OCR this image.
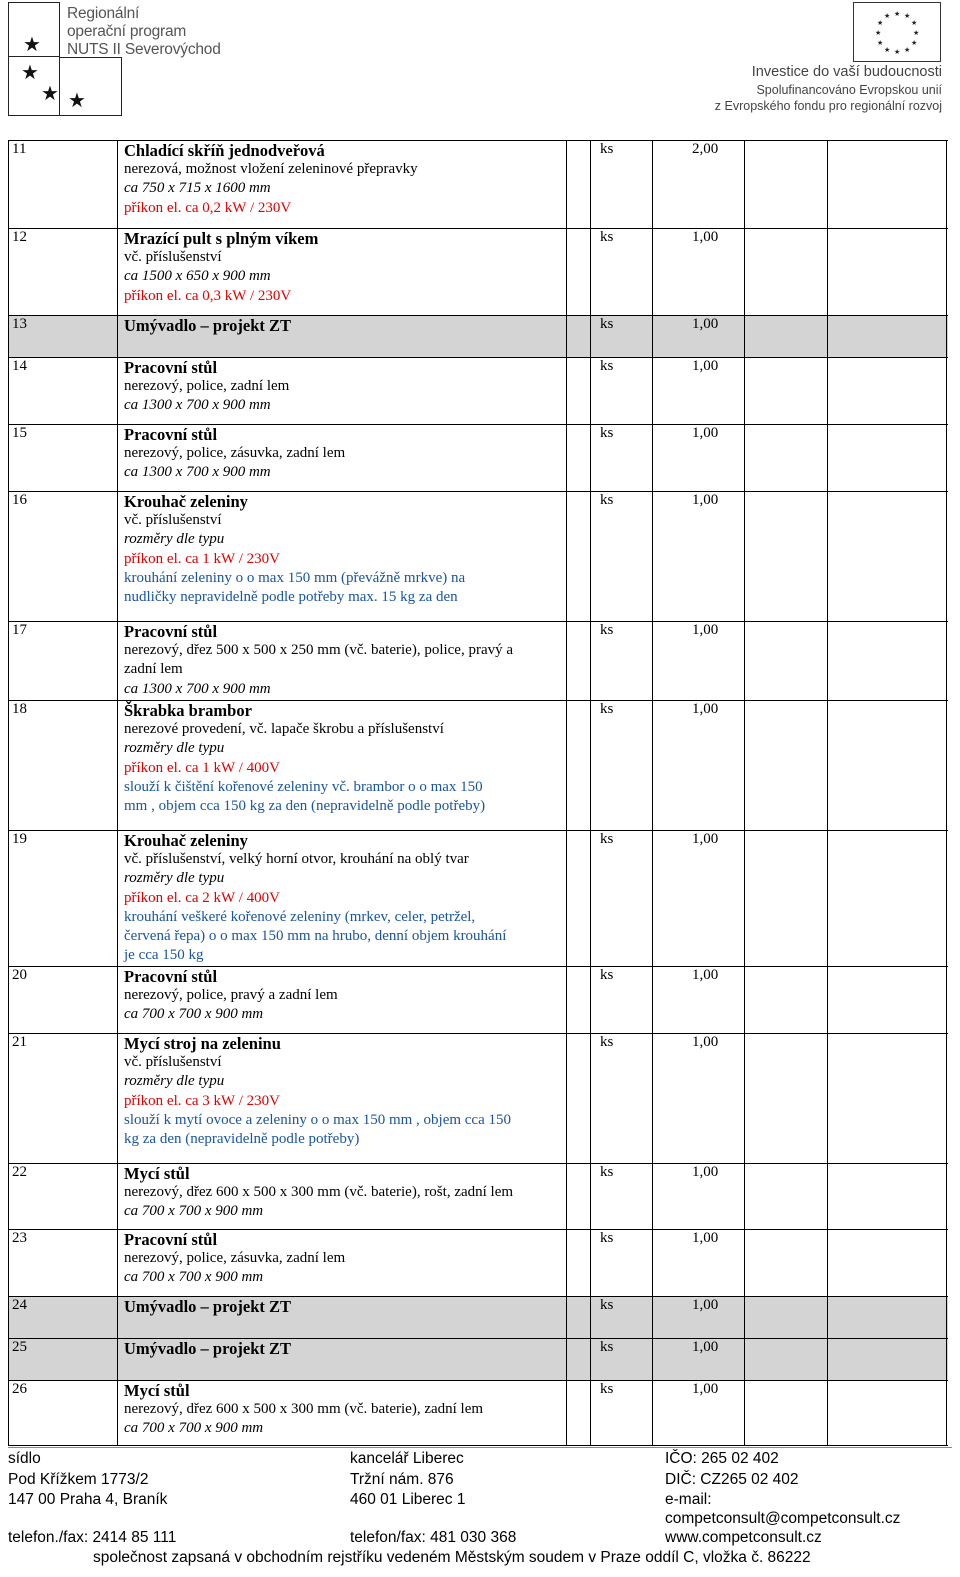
★
★
★ ★
Regionální
operační program
NUTS II Severovýchod
★ ★
★
★
★
★
★
★
★
★
★
★
Investice do vaší budoucnosti
Spolufinancováno Evropskou unií
z Evropského fondu pro regionální rozvoj
11	Chladící skříň jednodveřová
nerezová, možnost vložení zeleninové přepravky
ca 750 x 715 x 1600 mm
příkon el. ca 0,2 kW / 230V
ks	2,00
12	Mrazící pult s plným víkem
vč. příslušenství
ca 1500 x 650 x 900 mm
příkon el. ca 0,3 kW / 230V
ks	1,00
13	Umývadlo – projekt ZT	ks	1,00
14	Pracovní stůl
nerezový, police, zadní lem
ca 1300 x 700 x 900 mm
ks	1,00
15	Pracovní stůl
nerezový, police, zásuvka, zadní lem
ca 1300 x 700 x 900 mm
ks	1,00
16	Krouhač zeleniny
vč. příslušenství
rozměry dle typu
příkon el. ca 1 kW / 230V
krouhání zeleniny o o max 150 mm (převážně mrkve) na
nudličky nepravidelně podle potřeby max. 15 kg za den
ks	1,00
17	Pracovní stůl
nerezový, dřez 500 x 500 x 250 mm (vč. baterie), police, pravý a
zadní lem
ca 1300 x 700 x 900 mm
ks	1,00
18	Škrabka brambor
nerezové provedení, vč. lapače škrobu a příslušenství
rozměry dle typu
příkon el. ca 1 kW / 400V
slouží k čištění kořenové zeleniny vč. brambor o o max 150
mm , objem cca 150 kg za den (nepravidelně podle potřeby)
ks	1,00
19	Krouhač zeleniny
vč. příslušenství, velký horní otvor, krouhání na oblý tvar
rozměry dle typu
příkon el. ca 2 kW / 400V
krouhání veškeré kořenové zeleniny (mrkev, celer, petržel,
červená řepa) o o max 150 mm na hrubo, denní objem krouhání
je cca 150 kg
ks	1,00
20	Pracovní stůl
nerezový, police, pravý a zadní lem
ca 700 x 700 x 900 mm
ks	1,00
21	Mycí stroj na zeleninu
vč. příslušenství
rozměry dle typu
příkon el. ca 3 kW / 230V
slouží k mytí ovoce a zeleniny o o max 150 mm , objem cca 150
kg za den (nepravidelně podle potřeby)
ks	1,00
22	Mycí stůl
nerezový, dřez 600 x 500 x 300 mm (vč. baterie), rošt, zadní lem
ca 700 x 700 x 900 mm
ks	1,00
23	Pracovní stůl
nerezový, police, zásuvka, zadní lem
ca 700 x 700 x 900 mm
ks	1,00
24	Umývadlo – projekt ZT	ks	1,00
25	Umývadlo – projekt ZT	ks	1,00
26	Mycí stůl
nerezový, dřez 600 x 500 x 300 mm (vč. baterie), zadní lem
ca 700 x 700 x 900 mm
ks	1,00
sídlo
Pod Křížkem 1773/2
147 00 Praha 4, Braník
kancelář Liberec
Tržní nám. 876
460 01 Liberec 1
IČO: 265 02 402
DIČ: CZ265 02 402
e-mail:
competconsult@competconsult.cz
telefon./fax: 2414 85 111	telefon/fax: 481 030 368	www.competconsult.cz
společnost zapsaná v obchodním rejstříku vedeném Městským soudem v Praze oddíl C, vložka č. 86222
